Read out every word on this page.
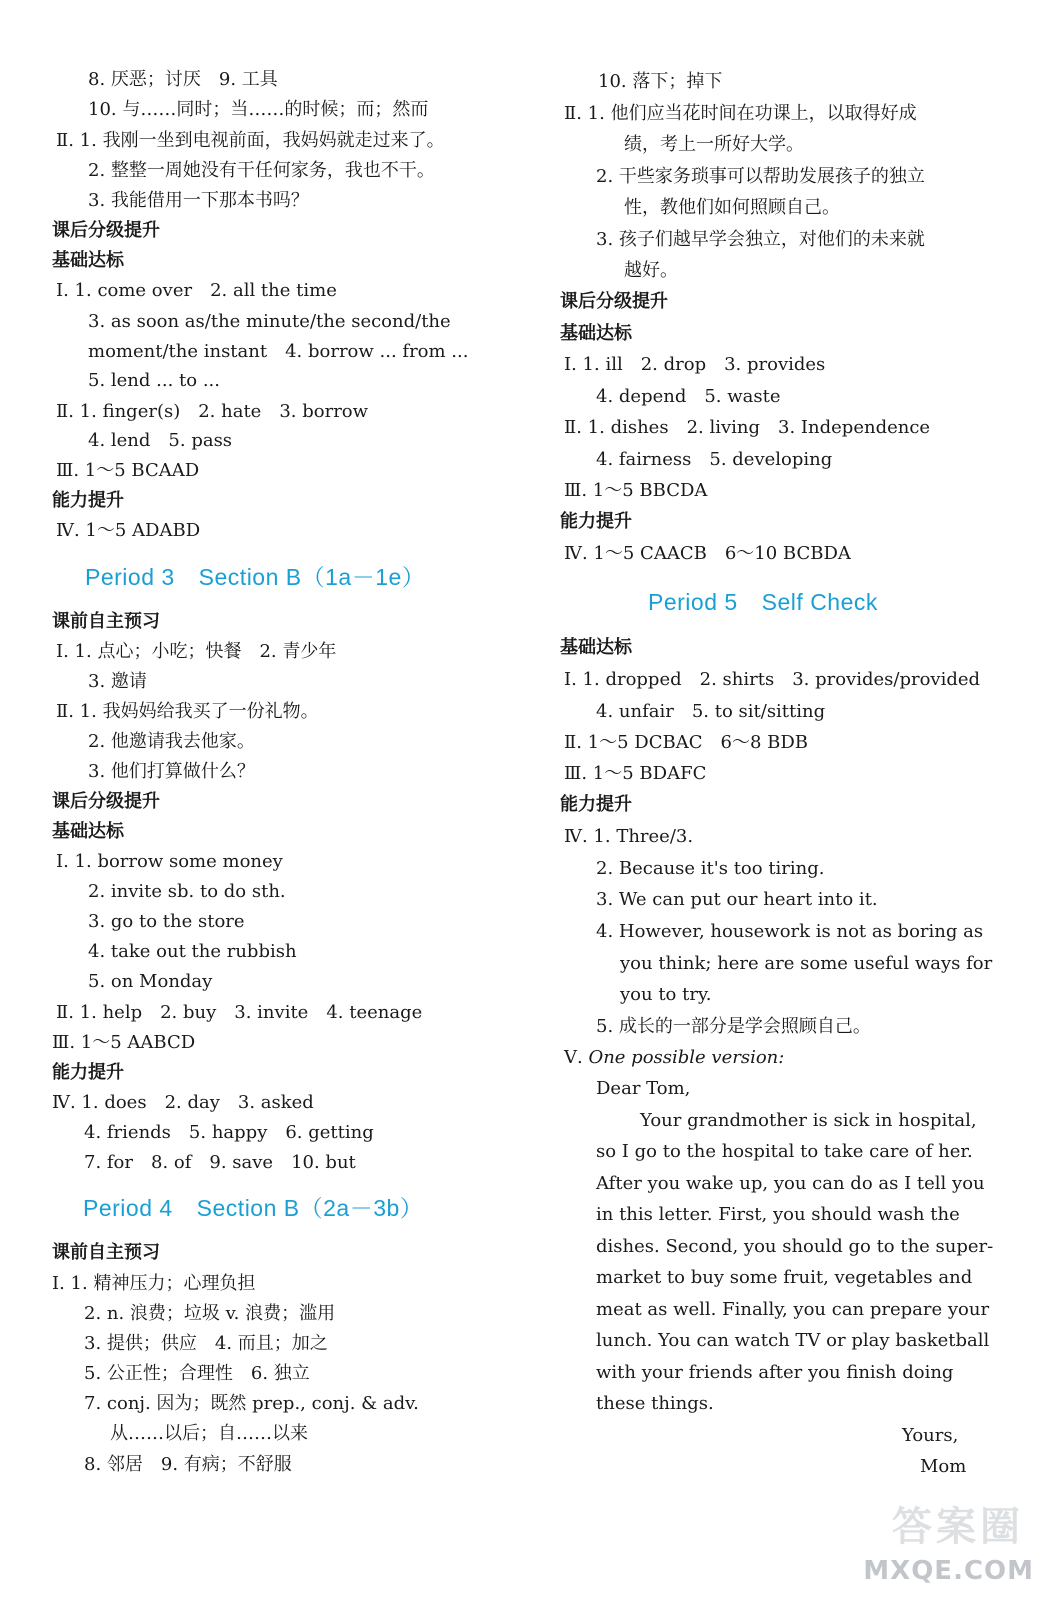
8. 厌恶；讨厌　9. 工具
10. 与……同时；当……的时候；而；然而
Ⅱ. 1. 我刚一坐到电视前面，我妈妈就走过来了。
2. 整整一周她没有干任何家务，我也不干。
3. 我能借用一下那本书吗？
课后分级提升
基础达标
Ⅰ. 1. come over　2. all the time
3. as soon as/the minute/the second/the
moment/the instant　4. borrow ... from ...
5. lend ... to ...
Ⅱ. 1. finger(s)　2. hate　3. borrow
4. lend　5. pass
Ⅲ. 1～5 BCAAD
能力提升
Ⅳ. 1～5 ADABD
Period 3 Section B（1a－1e）
课前自主预习
Ⅰ. 1. 点心；小吃；快餐　2. 青少年
3. 邀请
Ⅱ. 1. 我妈妈给我买了一份礼物。
2. 他邀请我去他家。
3. 他们打算做什么？
课后分级提升
基础达标
Ⅰ. 1. borrow some money
2. invite sb. to do sth.
3. go to the store
4. take out the rubbish
5. on Monday
Ⅱ. 1. help　2. buy　3. invite　4. teenage
Ⅲ. 1～5 AABCD
能力提升
Ⅳ. 1. does　2. day　3. asked
4. friends　5. happy　6. getting
7. for　8. of　9. save　10. but
Period 4 Section B（2a－3b）
课前自主预习
Ⅰ. 1. 精神压力；心理负担
2. n. 浪费；垃圾 v. 浪费；滥用
3. 提供；供应　4. 而且；加之
5. 公正性；合理性　6. 独立
7. conj. 因为；既然 prep., conj. & adv.
从……以后；自……以来
8. 邻居　9. 有病；不舒服
10. 落下；掉下
Ⅱ. 1. 他们应当花时间在功课上，以取得好成
绩，考上一所好大学。
2. 干些家务琐事可以帮助发展孩子的独立
性，教他们如何照顾自己。
3. 孩子们越早学会独立，对他们的未来就
越好。
课后分级提升
基础达标
Ⅰ. 1. ill　2. drop　3. provides
4. depend　5. waste
Ⅱ. 1. dishes　2. living　3. Independence
4. fairness　5. developing
Ⅲ. 1～5 BBCDA
能力提升
Ⅳ. 1～5 CAACB　6～10 BCBDA
Period 5 Self Check
基础达标
Ⅰ. 1. dropped　2. shirts　3. provides/provided
4. unfair　5. to sit/sitting
Ⅱ. 1～5 DCBAC　6～8 BDB
Ⅲ. 1～5 BDAFC
能力提升
Ⅳ. 1. Three/3.
2. Because it's too tiring.
3. We can put our heart into it.
4. However, housework is not as boring as
you think; here are some useful ways for
you to try.
5. 成长的一部分是学会照顾自己。
Ⅴ. One possible version:
Dear Tom,
Your grandmother is sick in hospital,
so I go to the hospital to take care of her.
After you wake up, you can do as I tell you
in this letter. First, you should wash the
dishes. Second, you should go to the super-
market to buy some fruit, vegetables and
meat as well. Finally, you can prepare your
lunch. You can watch TV or play basketball
with your friends after you finish doing
these things.
Yours,
Mom
答案圈
MXQE.COM
